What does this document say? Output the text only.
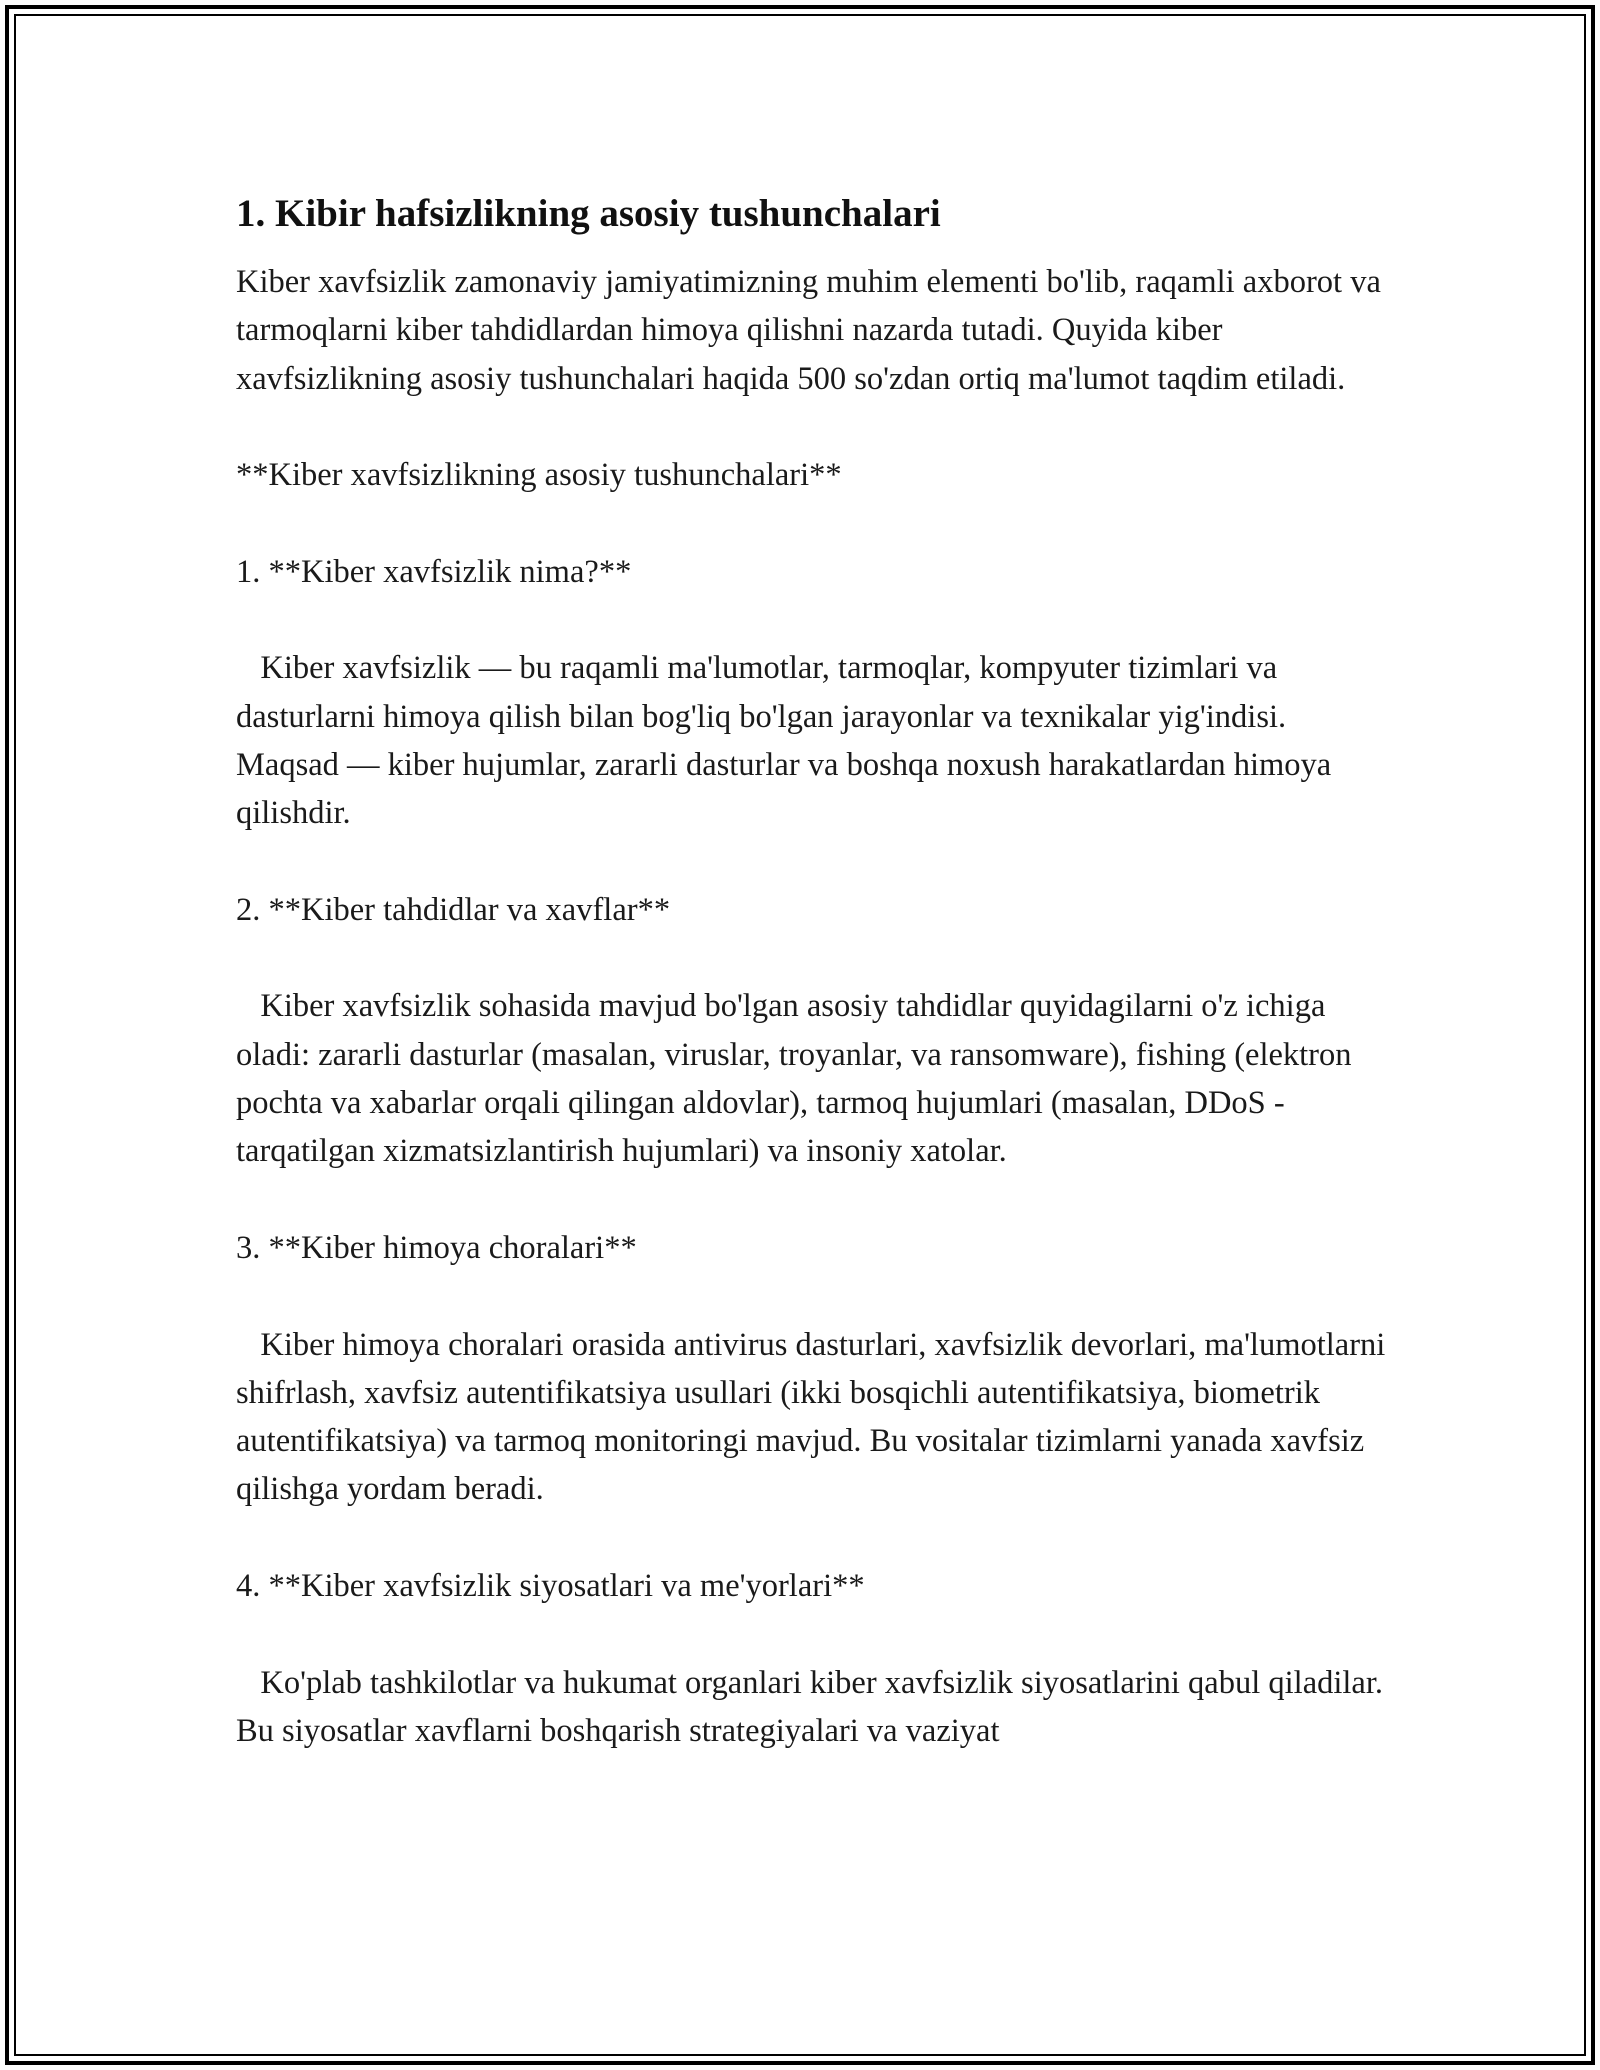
1. Kibir hafsizlikning asosiy tushunchalari

Kiber xavfsizlik zamonaviy jamiyatimizning muhim elementi bo'lib, raqamli axborot va tarmoqlarni kiber tahdidlardan himoya qilishni nazarda tutadi. Quyida kiber xavfsizlikning asosiy tushunchalari haqida 500 so'zdan ortiq ma'lumot taqdim etiladi.

**Kiber xavfsizlikning asosiy tushunchalari**

1. **Kiber xavfsizlik nima?**

Kiber xavfsizlik — bu raqamli ma'lumotlar, tarmoqlar, kompyuter tizimlari va dasturlarni himoya qilish bilan bog'liq bo'lgan jarayonlar va texnikalar yig'indisi. Maqsad — kiber hujumlar, zararli dasturlar va boshqa noxush harakatlardan himoya qilishdir.

2. **Kiber tahdidlar va xavflar**

Kiber xavfsizlik sohasida mavjud bo'lgan asosiy tahdidlar quyidagilarni o'z ichiga oladi: zararli dasturlar (masalan, viruslar, troyanlar, va ransomware), fishing (elektron pochta va xabarlar orqali qilingan aldovlar), tarmoq hujumlari (masalan, DDoS - tarqatilgan xizmatsizlantirish hujumlari) va insoniy xatolar.

3. **Kiber himoya choralari**

Kiber himoya choralari orasida antivirus dasturlari, xavfsizlik devorlari, ma'lumotlarni shifrlash, xavfsiz autentifikatsiya usullari (ikki bosqichli autentifikatsiya, biometrik autentifikatsiya) va tarmoq monitoringi mavjud. Bu vositalar tizimlarni yanada xavfsiz qilishga yordam beradi.

4. **Kiber xavfsizlik siyosatlari va me'yorlari**

Ko'plab tashkilotlar va hukumat organlari kiber xavfsizlik siyosatlarini qabul qiladilar. Bu siyosatlar xavflarni boshqarish strategiyalari va vaziyat
